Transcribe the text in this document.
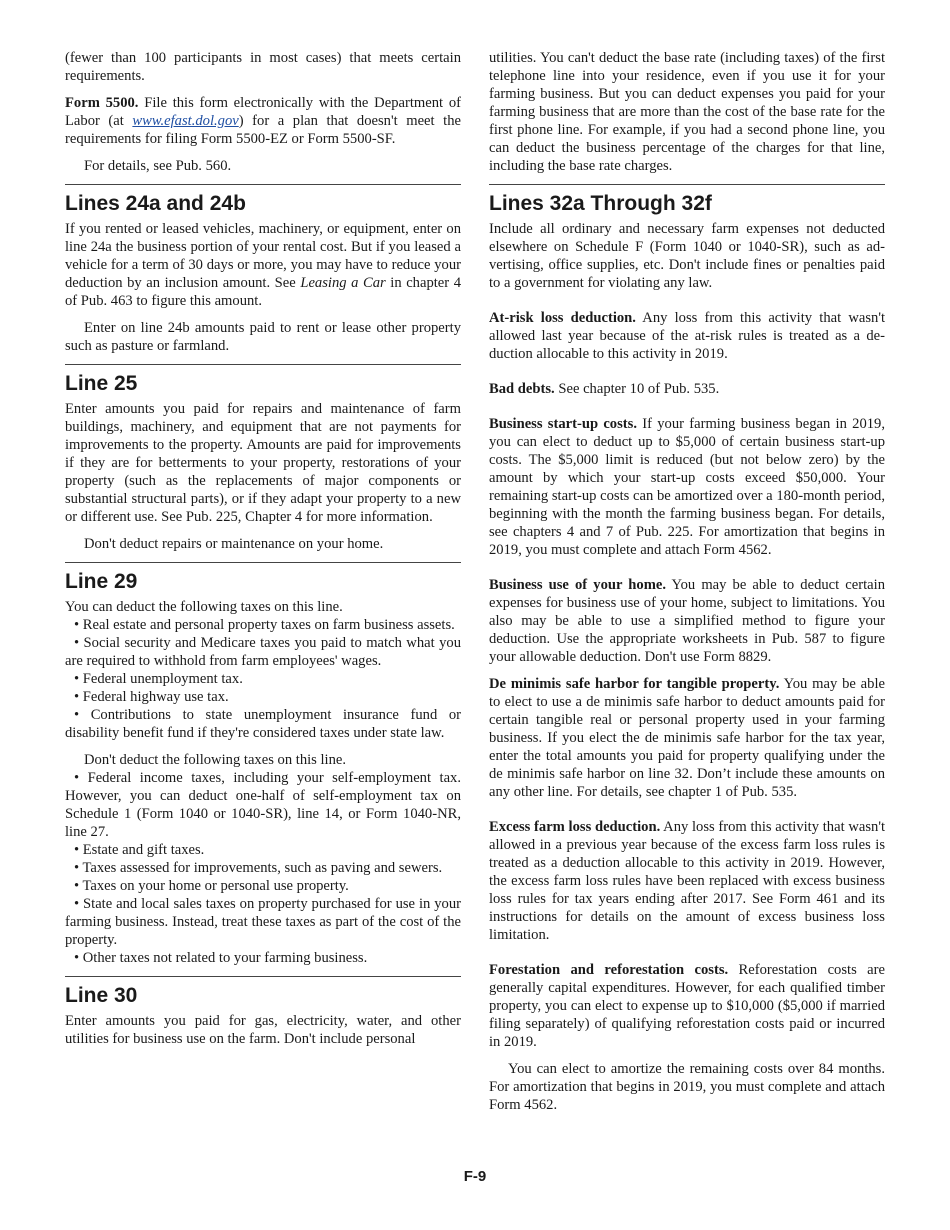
(fewer than 100 participants in most cases) that meets certain requirements.

Form 5500. File this form electronically with the Department of Labor (at www.efast.dol.gov) for a plan that doesn't meet the requirements for filing Form 5500-EZ or Form 5500-SF.

For details, see Pub. 560.

Lines 24a and 24b

If you rented or leased vehicles, machinery, or equipment, enter on line 24a the business portion of your rental cost. But if you leased a vehicle for a term of 30 days or more, you may have to reduce your deduction by an inclusion amount. See Leasing a Car in chapter 4 of Pub. 463 to figure this amount.

Enter on line 24b amounts paid to rent or lease other property such as pasture or farmland.

Line 25

Enter amounts you paid for repairs and maintenance of farm buildings, machinery, and equipment that are not payments for improvements to the property. Amounts are paid for improvements if they are for betterments to your property, restorations of your property (such as the replacements of major components or substantial structural parts), or if they adapt your property to a new or different use. See Pub. 225, Chapter 4 for more information.

Don't deduct repairs or maintenance on your home.

Line 29

You can deduct the following taxes on this line.

• Real estate and personal property taxes on farm business assets.

• Social security and Medicare taxes you paid to match what you are required to withhold from farm employees' wages.

• Federal unemployment tax.

• Federal highway use tax.

• Contributions to state unemployment insurance fund or disability benefit fund if they're considered taxes under state law.

Don't deduct the following taxes on this line.

• Federal income taxes, including your self-employment tax. However, you can deduct one-half of self-employment tax on Schedule 1 (Form 1040 or 1040-SR), line 14, or Form 1040-NR, line 27.

• Estate and gift taxes.

• Taxes assessed for improvements, such as paving and sewers.

• Taxes on your home or personal use property.

• State and local sales taxes on property purchased for use in your farming business. Instead, treat these taxes as part of the cost of the property.

• Other taxes not related to your farming business.

Line 30

Enter amounts you paid for gas, electricity, water, and other utilities for business use on the farm. Don't include personal

utilities. You can't deduct the base rate (including taxes) of the first telephone line into your residence, even if you use it for your farming business. But you can deduct expenses you paid for your farming business that are more than the cost of the base rate for the first phone line. For example, if you had a second phone line, you can deduct the business percentage of the charges for that line, including the base rate charges.

Lines 32a Through 32f

Include all ordinary and necessary farm expenses not deducted elsewhere on Schedule F (Form 1040 or 1040-SR), such as advertising, office supplies, etc. Don't include fines or penalties paid to a government for violating any law.

At-risk loss deduction. Any loss from this activity that wasn't allowed last year because of the at-risk rules is treated as a deduction allocable to this activity in 2019.

Bad debts. See chapter 10 of Pub. 535.

Business start-up costs. If your farming business began in 2019, you can elect to deduct up to $5,000 of certain business start-up costs. The $5,000 limit is reduced (but not below zero) by the amount by which your start-up costs exceed $50,000. Your remaining start-up costs can be amortized over a 180-month period, beginning with the month the farming business began. For details, see chapters 4 and 7 of Pub. 225. For amortization that begins in 2019, you must complete and attach Form 4562.

Business use of your home. You may be able to deduct certain expenses for business use of your home, subject to limitations. You also may be able to use a simplified method to figure your deduction. Use the appropriate worksheets in Pub. 587 to figure your allowable deduction. Don't use Form 8829.

De minimis safe harbor for tangible property. You may be able to elect to use a de minimis safe harbor to deduct amounts paid for certain tangible real or personal property used in your farming business. If you elect the de minimis safe harbor for the tax year, enter the total amounts you paid for property qualifying under the de minimis safe harbor on line 32. Don’t include these amounts on any other line. For details, see chapter 1 of Pub. 535.

Excess farm loss deduction. Any loss from this activity that wasn't allowed in a previous year because of the excess farm loss rules is treated as a deduction allocable to this activity in 2019. However, the excess farm loss rules have been replaced with excess business loss rules for tax years ending after 2017. See Form 461 and its instructions for details on the amount of excess business loss limitation.

Forestation and reforestation costs. Reforestation costs are generally capital expenditures. However, for each qualified timber property, you can elect to expense up to $10,000 ($5,000 if married filing separately) of qualifying reforestation costs paid or incurred in 2019.

You can elect to amortize the remaining costs over 84 months. For amortization that begins in 2019, you must complete and attach Form 4562.

F-9
